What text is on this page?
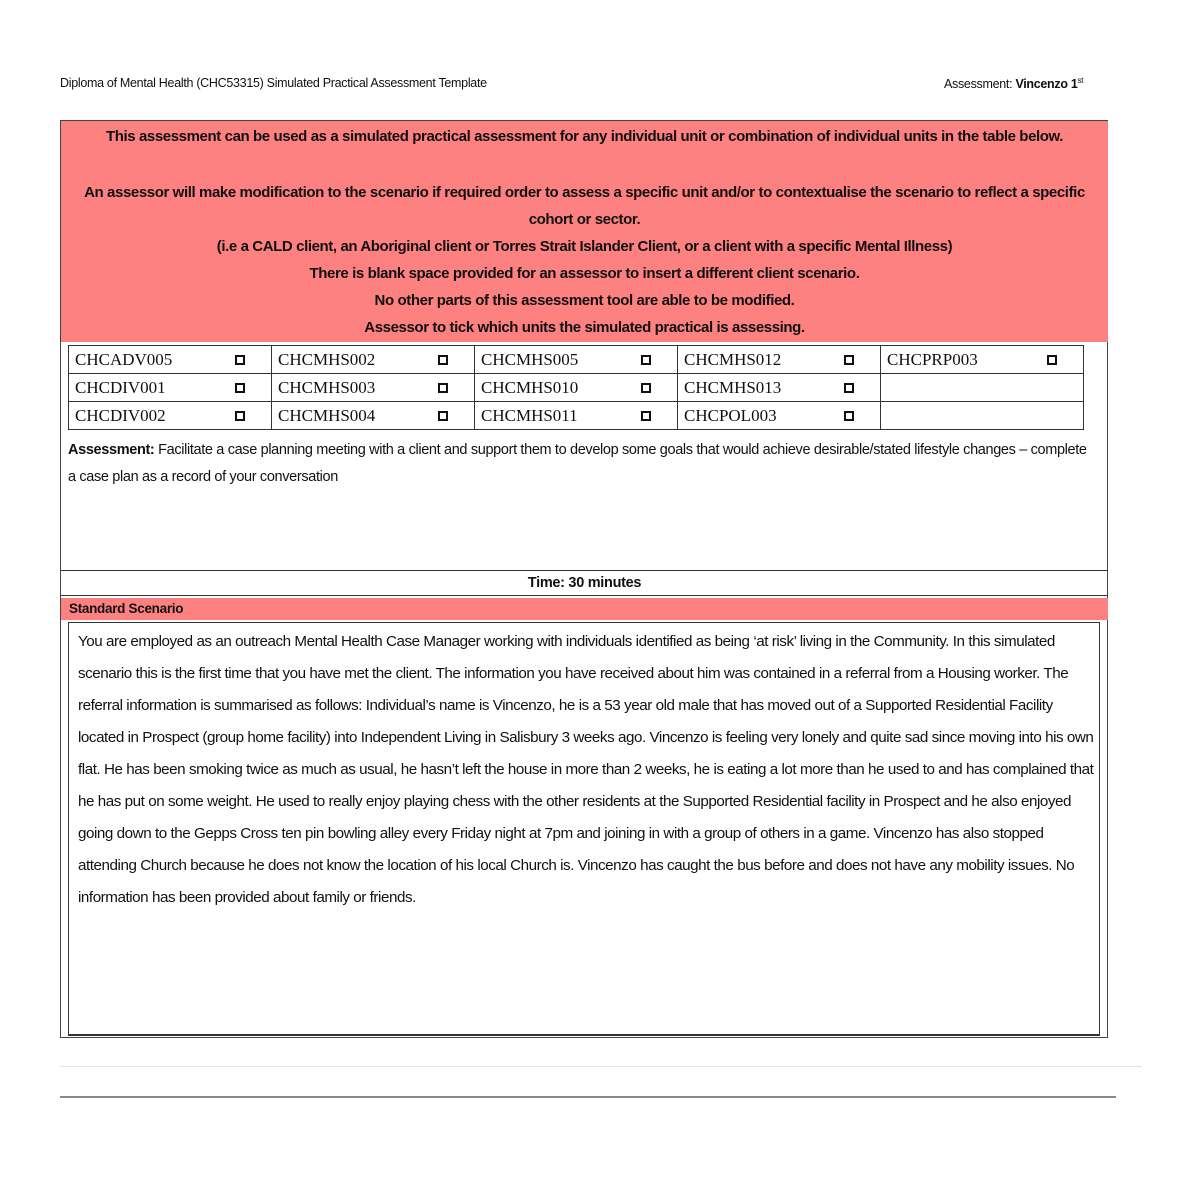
Diploma of Mental Health (CHC53315) Simulated Practical Assessment Template	Assessment: Vincenzo 1st
This assessment can be used as a simulated practical assessment for any individual unit or combination of individual units in the table below.
An assessor will make modification to the scenario if required order to assess a specific unit and/or to contextualise the scenario to reflect a specific
cohort or sector.
(i.e a CALD client, an Aboriginal client or Torres Strait Islander Client, or a client with a specific Mental Illness)
There is blank space provided for an assessor to insert a different client scenario.
No other parts of this assessment tool are able to be modified.
Assessor to tick which units the simulated practical is assessing.
CHCADV005	CHCMHS002	CHCMHS005	CHCMHS012	CHCPRP003

CHCDIV001	CHCMHS003	CHCMHS010	CHCMHS013	

CHCDIV002	CHCMHS004	CHCMHS011	CHCPOL003	

Assessment: Facilitate a case planning meeting with a client and support them to develop some goals that would achieve desirable/stated lifestyle changes – complete a case plan as a record of your conversation
Time: 30 minutes
Standard Scenario
You are employed as an outreach Mental Health Case Manager working with individuals identified as being ‘at risk’ living in the Community. In this simulated scenario this is the first time that you have met the client. The information you have received about him was contained in a referral from a Housing worker. The referral information is summarised as follows: Individual’s name is Vincenzo, he is a 53 year old male that has moved out of a Supported Residential Facility located in Prospect (group home facility) into Independent Living in Salisbury 3 weeks ago. Vincenzo is feeling very lonely and quite sad since moving into his own flat. He has been smoking twice as much as usual, he hasn’t left the house in more than 2 weeks, he is eating a lot more than he used to and has complained that he has put on some weight. He used to really enjoy playing chess with the other residents at the Supported Residential facility in Prospect and he also enjoyed going down to the Gepps Cross ten pin bowling alley every Friday night at 7pm and joining in with a group of others in a game. Vincenzo has also stopped attending Church because he does not know the location of his local Church is. Vincenzo has caught the bus before and does not have any mobility issues. No information has been provided about family or friends.
